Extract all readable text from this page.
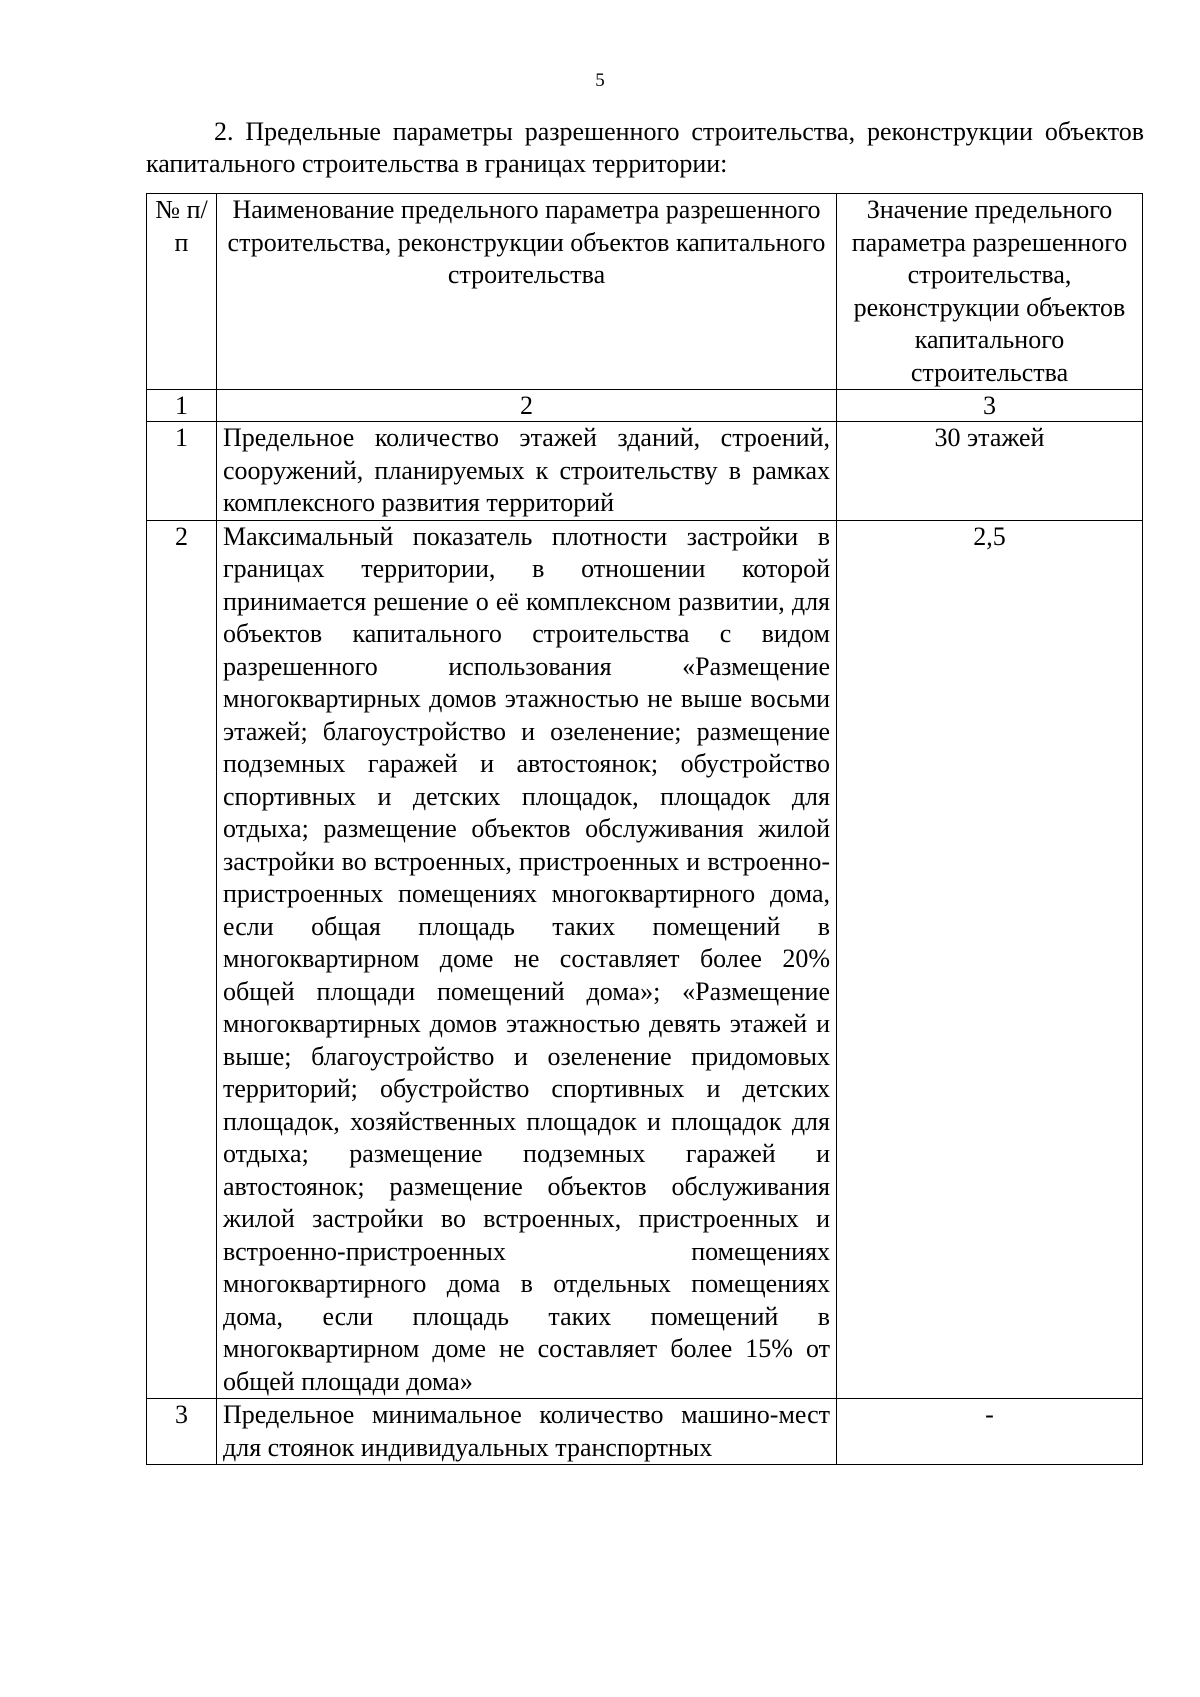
5
2. Предельные параметры разрешенного строительства, реконструкции объектов капитального строительства в границах территории:
№ п/п	Наименование предельного параметра разрешенного строительства, реконструкции объектов капитального строительства	Значение предельного параметра разрешенного строительства, реконструкции объектов капитального строительства
1	2	3
1	Предельное количество этажей зданий, строений, сооружений, планируемых к строительству в рамках комплексного развития территорий	30 этажей
2	Максимальный показатель плотности застройки в границах территории, в отношении которой принимается решение о её комплексном развитии, для объектов капитального строительства с видом разрешенного использования «Размещение многоквартирных домов этажностью не выше восьми этажей; благоустройство и озеленение; размещение подземных гаражей и автостоянок; обустройство спортивных и детских площадок, площадок для отдыха; размещение объектов обслуживания жилой застройки во встроенных, пристроенных и встроенно-пристроенных помещениях многоквартирного дома, если общая площадь таких помещений в многоквартирном доме не составляет более 20% общей площади помещений дома»; «Размещение многоквартирных домов этажностью девять этажей и выше; благоустройство и озеленение придомовых территорий; обустройство спортивных и детских площадок, хозяйственных площадок и площадок для отдыха; размещение подземных гаражей и автостоянок; размещение объектов обслуживания жилой застройки во встроенных, пристроенных и встроенно-пристроенных помещениях многоквартирного дома в отдельных помещениях дома, если площадь таких помещений в многоквартирном доме не составляет более 15% от общей площади дома»	2,5
3	Предельное минимальное количество машино-мест для стоянок индивидуальных транспортных	-
